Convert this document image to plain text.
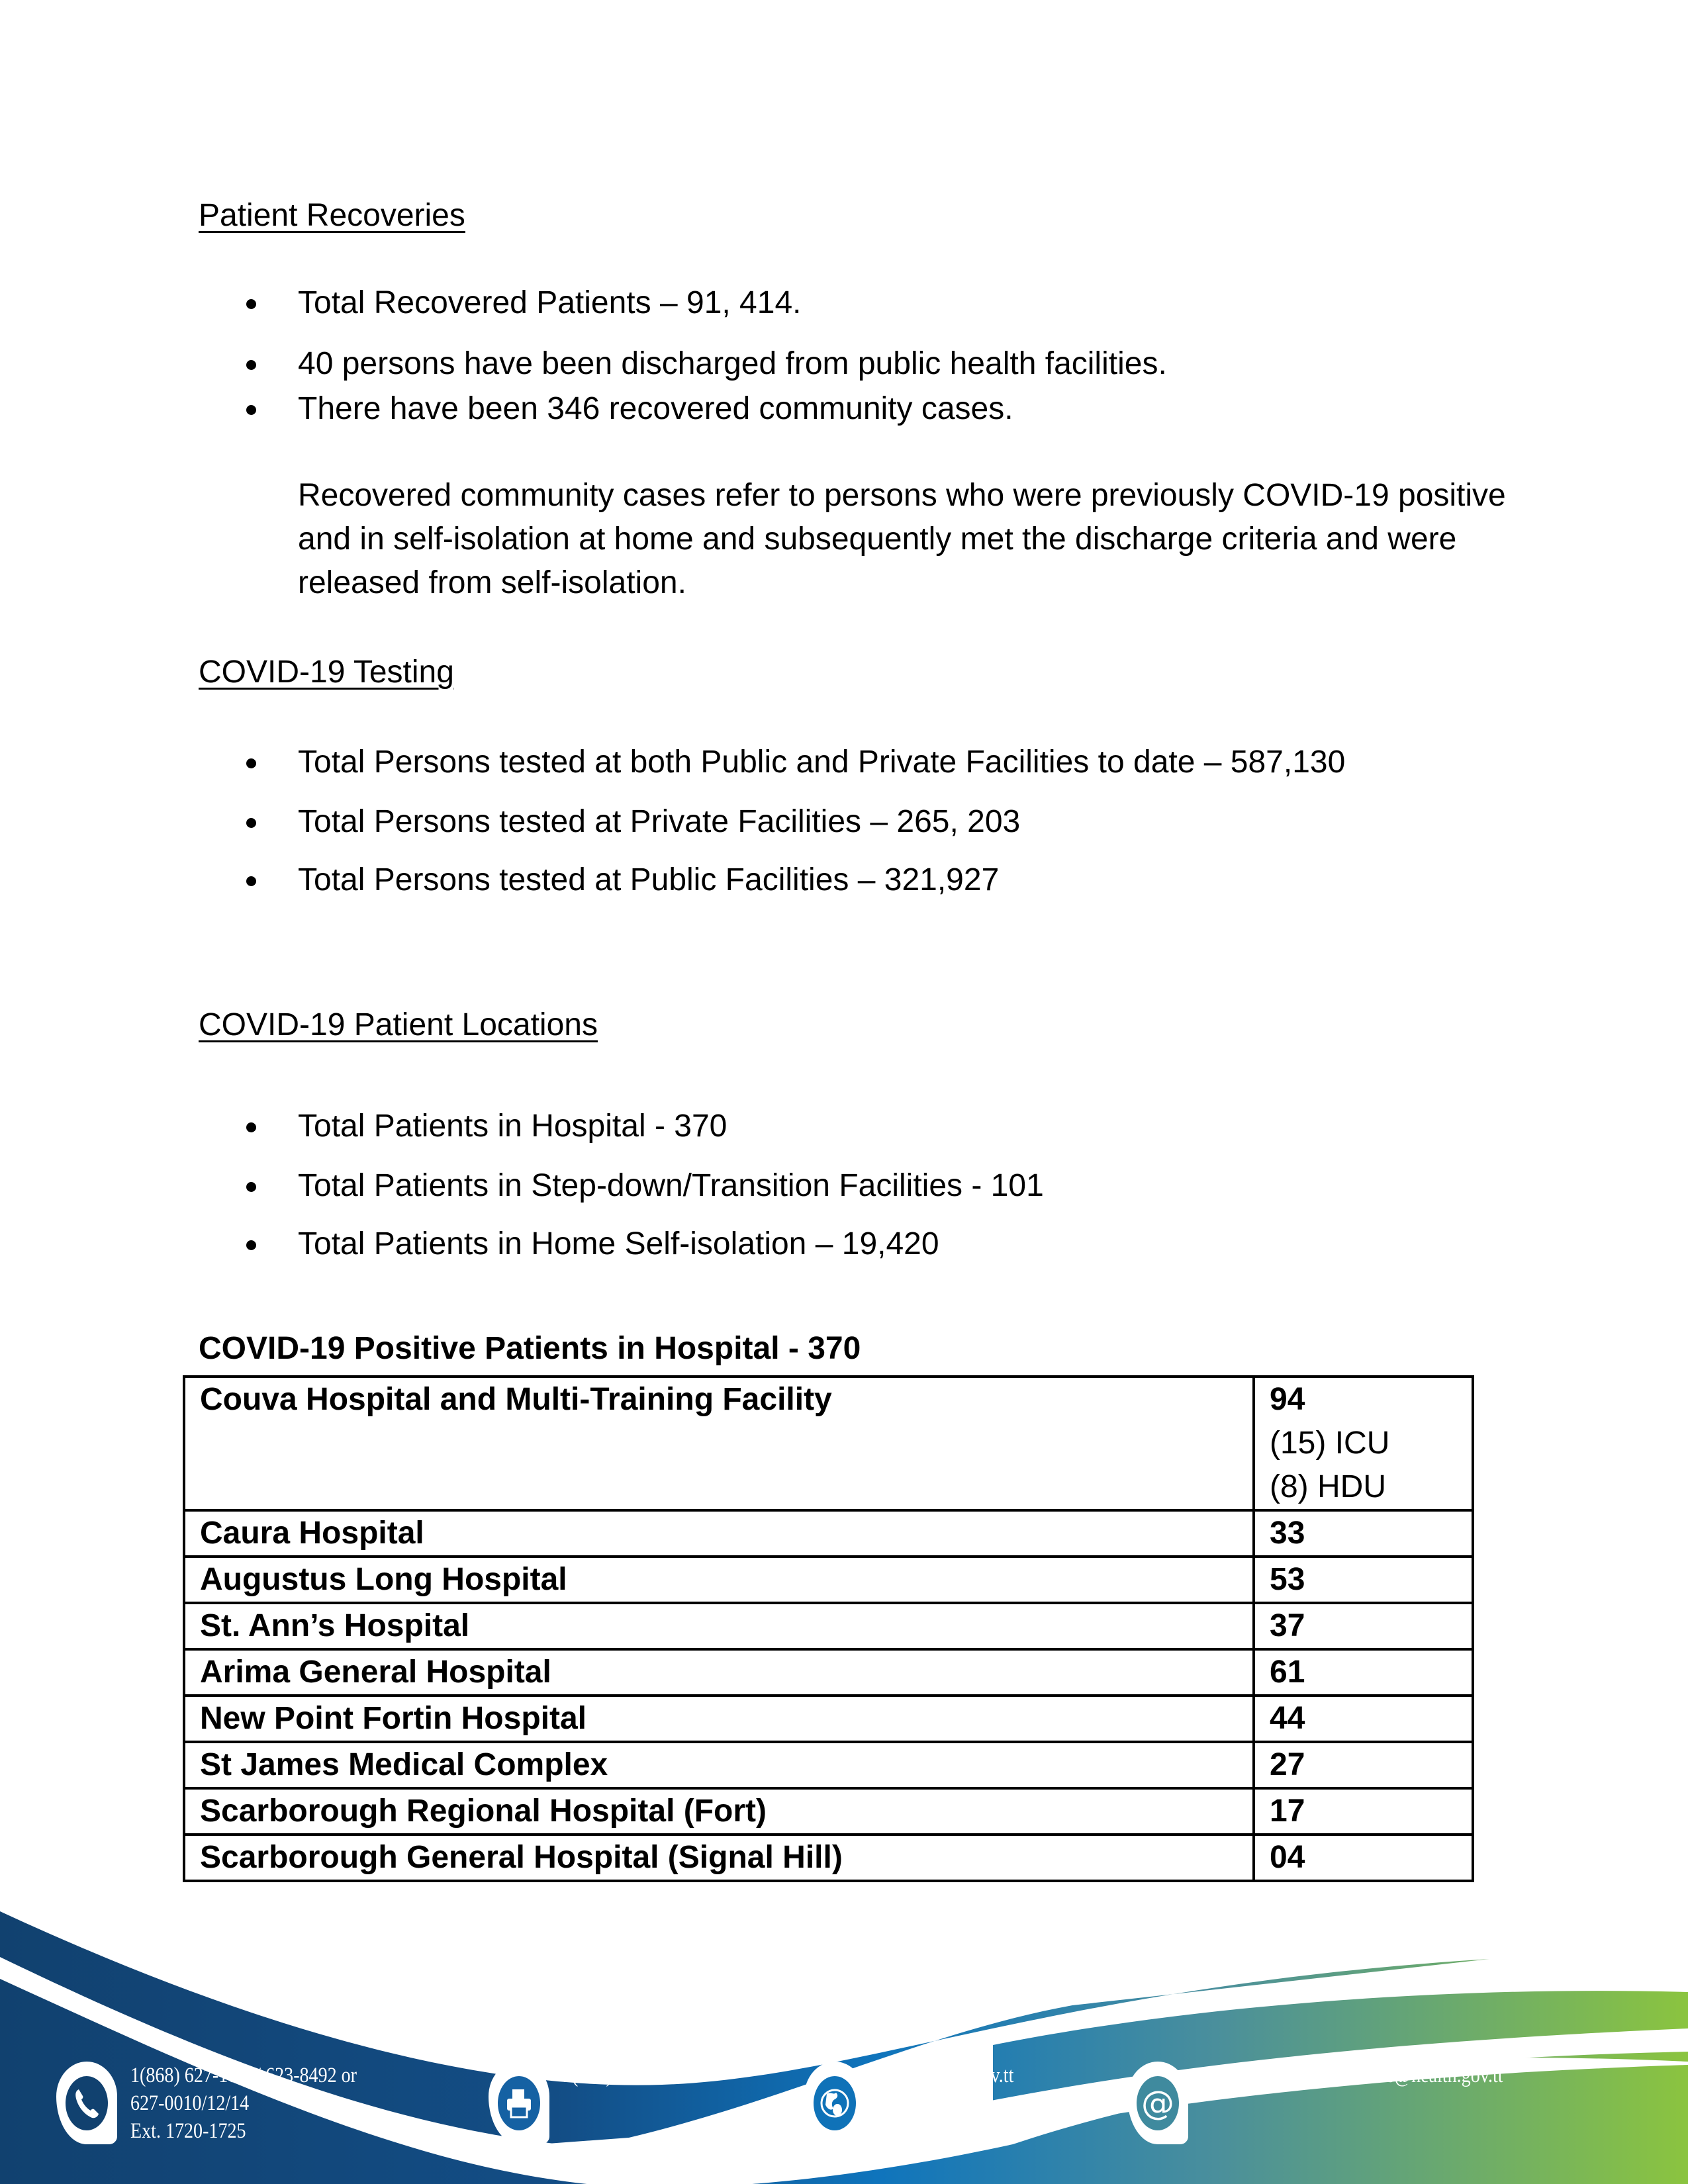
Patient Recoveries
Total Recovered Patients – 91, 414.
40 persons have been discharged from public health facilities.
There have been 346 recovered community cases.
Recovered community cases refer to persons who were previously COVID-19 positive
and in self-isolation at home and subsequently met the discharge criteria and were
released from self-isolation.
COVID-19 Testing
Total Persons tested at both Public and Private Facilities to date – 587,130
Total Persons tested at Private Facilities – 265, 203
Total Persons tested at Public Facilities – 321,927
COVID-19 Patient Locations
Total Patients in Hospital - 370
Total Patients in Step-down/Transition Facilities - 101
Total Patients in Home Self-isolation – 19,420
COVID-19 Positive Patients in Hospital - 370
Couva Hospital and Multi-Training Facility	94
(15) ICU
(8) HDU

Caura Hospital	33

Augustus Long Hospital	53

St. Ann’s Hospital	37

Arima General Hospital	61

New Point Fortin Hospital	44

St James Medical Complex	27

Scarborough Regional Hospital (Fort)	17

Scarborough General Hospital (Signal Hill)	04
1(868) 627-1047/ 623-8492 or
627-0010/12/14
Ext. 1720-1725
1(868) 627-1047	www.health.gov.tt
@
corporatecommunications@health.gov.tt
